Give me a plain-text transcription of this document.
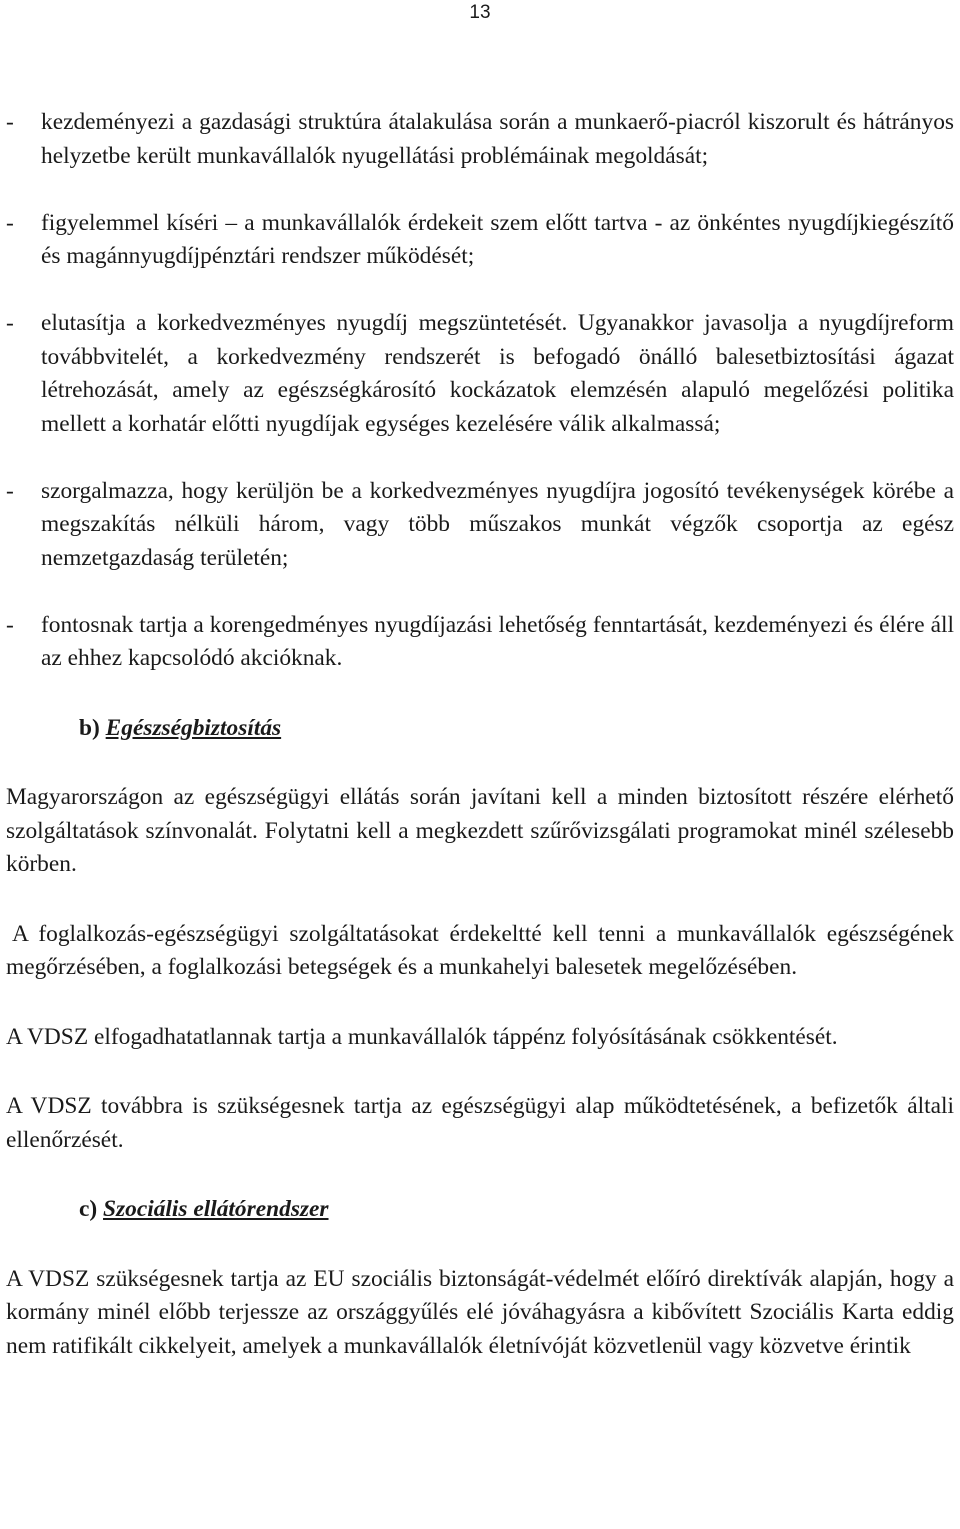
13

- kezdeményezi a gazdasági struktúra átalakulása során a munkaerő-piacról kiszorult és hátrányos helyzetbe került munkavállalók nyugellátási problémáinak megoldását;

- figyelemmel kíséri – a munkavállalók érdekeit szem előtt tartva - az önkéntes nyugdíjkiegészítő és magánnyugdíjpénztári rendszer működését;

- elutasítja a korkedvezményes nyugdíj megszüntetését. Ugyanakkor javasolja a nyugdíjreform továbbvitelét, a korkedvezmény rendszerét is befogadó önálló balesetbiztosítási ágazat létrehozását, amely az egészségkárosító kockázatok elemzésén alapuló megelőzési politika mellett a korhatár előtti nyugdíjak egységes kezelésére válik alkalmassá;

- szorgalmazza, hogy kerüljön be a korkedvezményes nyugdíjra jogosító tevékenységek körébe a megszakítás nélküli három, vagy több műszakos munkát végzők csoportja az egész nemzetgazdaság területén;

- fontosnak tartja a korengedményes nyugdíjazási lehetőség fenntartását, kezdeményezi és élére áll az ehhez kapcsolódó akcióknak.

b) Egészségbiztosítás

Magyarországon az egészségügyi ellátás során javítani kell a minden biztosított részére elérhető szolgáltatások színvonalát. Folytatni kell a megkezdett szűrővizsgálati programokat minél szélesebb körben.

A foglalkozás-egészségügyi szolgáltatásokat érdekeltté kell tenni a munkavállalók egészségének megőrzésében, a foglalkozási betegségek és a munkahelyi balesetek megelőzésében.

A VDSZ elfogadhatatlannak tartja a munkavállalók táppénz folyósításának csökkentését.

A VDSZ továbbra is szükségesnek tartja az egészségügyi alap működtetésének, a befizetők általi ellenőrzését.

c) Szociális ellátórendszer

A VDSZ szükségesnek tartja az EU szociális biztonságát-védelmét előíró direktívák alapján, hogy a kormány minél előbb terjessze az országgyűlés elé jóváhagyásra a kibővített Szociális Karta eddig nem ratifikált cikkelyeit, amelyek a munkavállalók életnívóját közvetlenül vagy közvetve érintik
